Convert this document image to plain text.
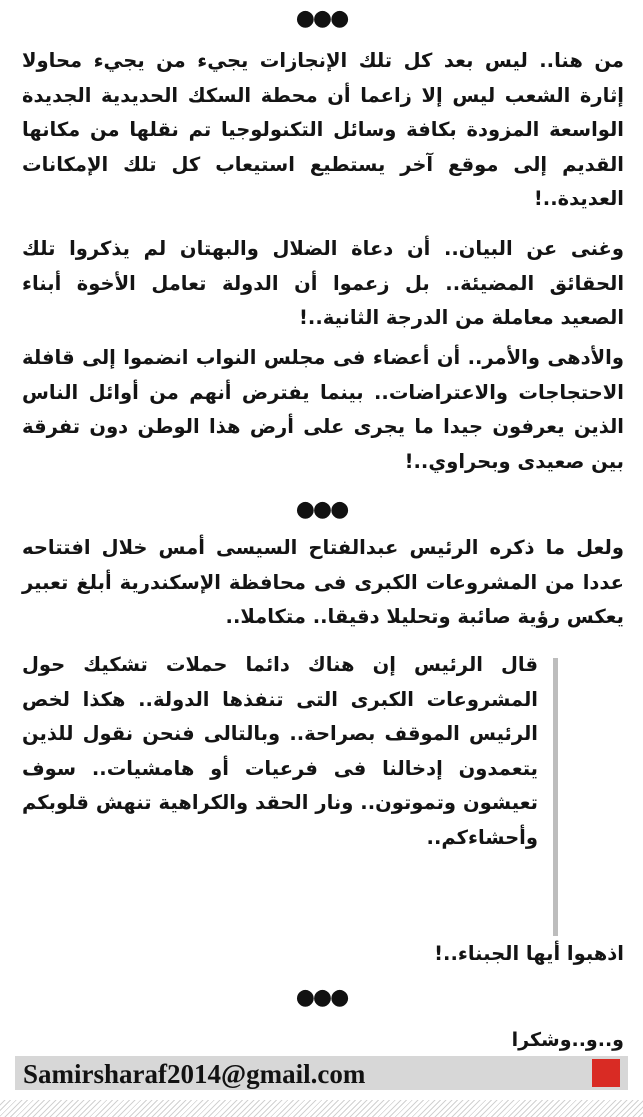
●●●

من هنا.. ليس بعد كل تلك الإنجازات يجيء من يجيء محاولا إثارة الشعب ليس إلا زاعما أن محطة السكك الحديدية الجديدة الواسعة المزودة بكافة وسائل التكنولوجيا تم نقلها من مكانها القديم إلى موقع آخر يستطيع استيعاب كل تلك الإمكانات العديدة..!

وغنى عن البيان.. أن دعاة الضلال والبهتان لم يذكروا تلك الحقائق المضيئة.. بل زعموا أن الدولة تعامل الأخوة أبناء الصعيد معاملة من الدرجة الثانية..!

والأدهى والأمر.. أن أعضاء فى مجلس النواب انضموا إلى قافلة الاحتجاجات والاعتراضات.. بينما يفترض أنهم من أوائل الناس الذين يعرفون جيدا ما يجرى على أرض هذا الوطن دون تفرقة بين صعيدى وبحراوي..!

●●●

ولعل ما ذكره الرئيس عبدالفتاح السيسى أمس خلال افتتاحه عددا من المشروعات الكبرى فى محافظة الإسكندرية أبلغ تعبير يعكس رؤية صائبة وتحليلا دقيقا.. متكاملا..

قال الرئيس إن هناك دائما حملات تشكيك حول المشروعات الكبرى التى تنفذها الدولة.. هكذا لخص الرئيس الموقف بصراحة.. وبالتالى فنحن نقول للذين يتعمدون إدخالنا فى فرعيات أو هامشيات.. سوف تعيشون وتموتون.. ونار الحقد والكراهية تنهش قلوبكم وأحشاءكم..

اذهبوا أيها الجبناء..!

●●●
و..و..وشكرا
Samirsharaf2014@gmail.com
